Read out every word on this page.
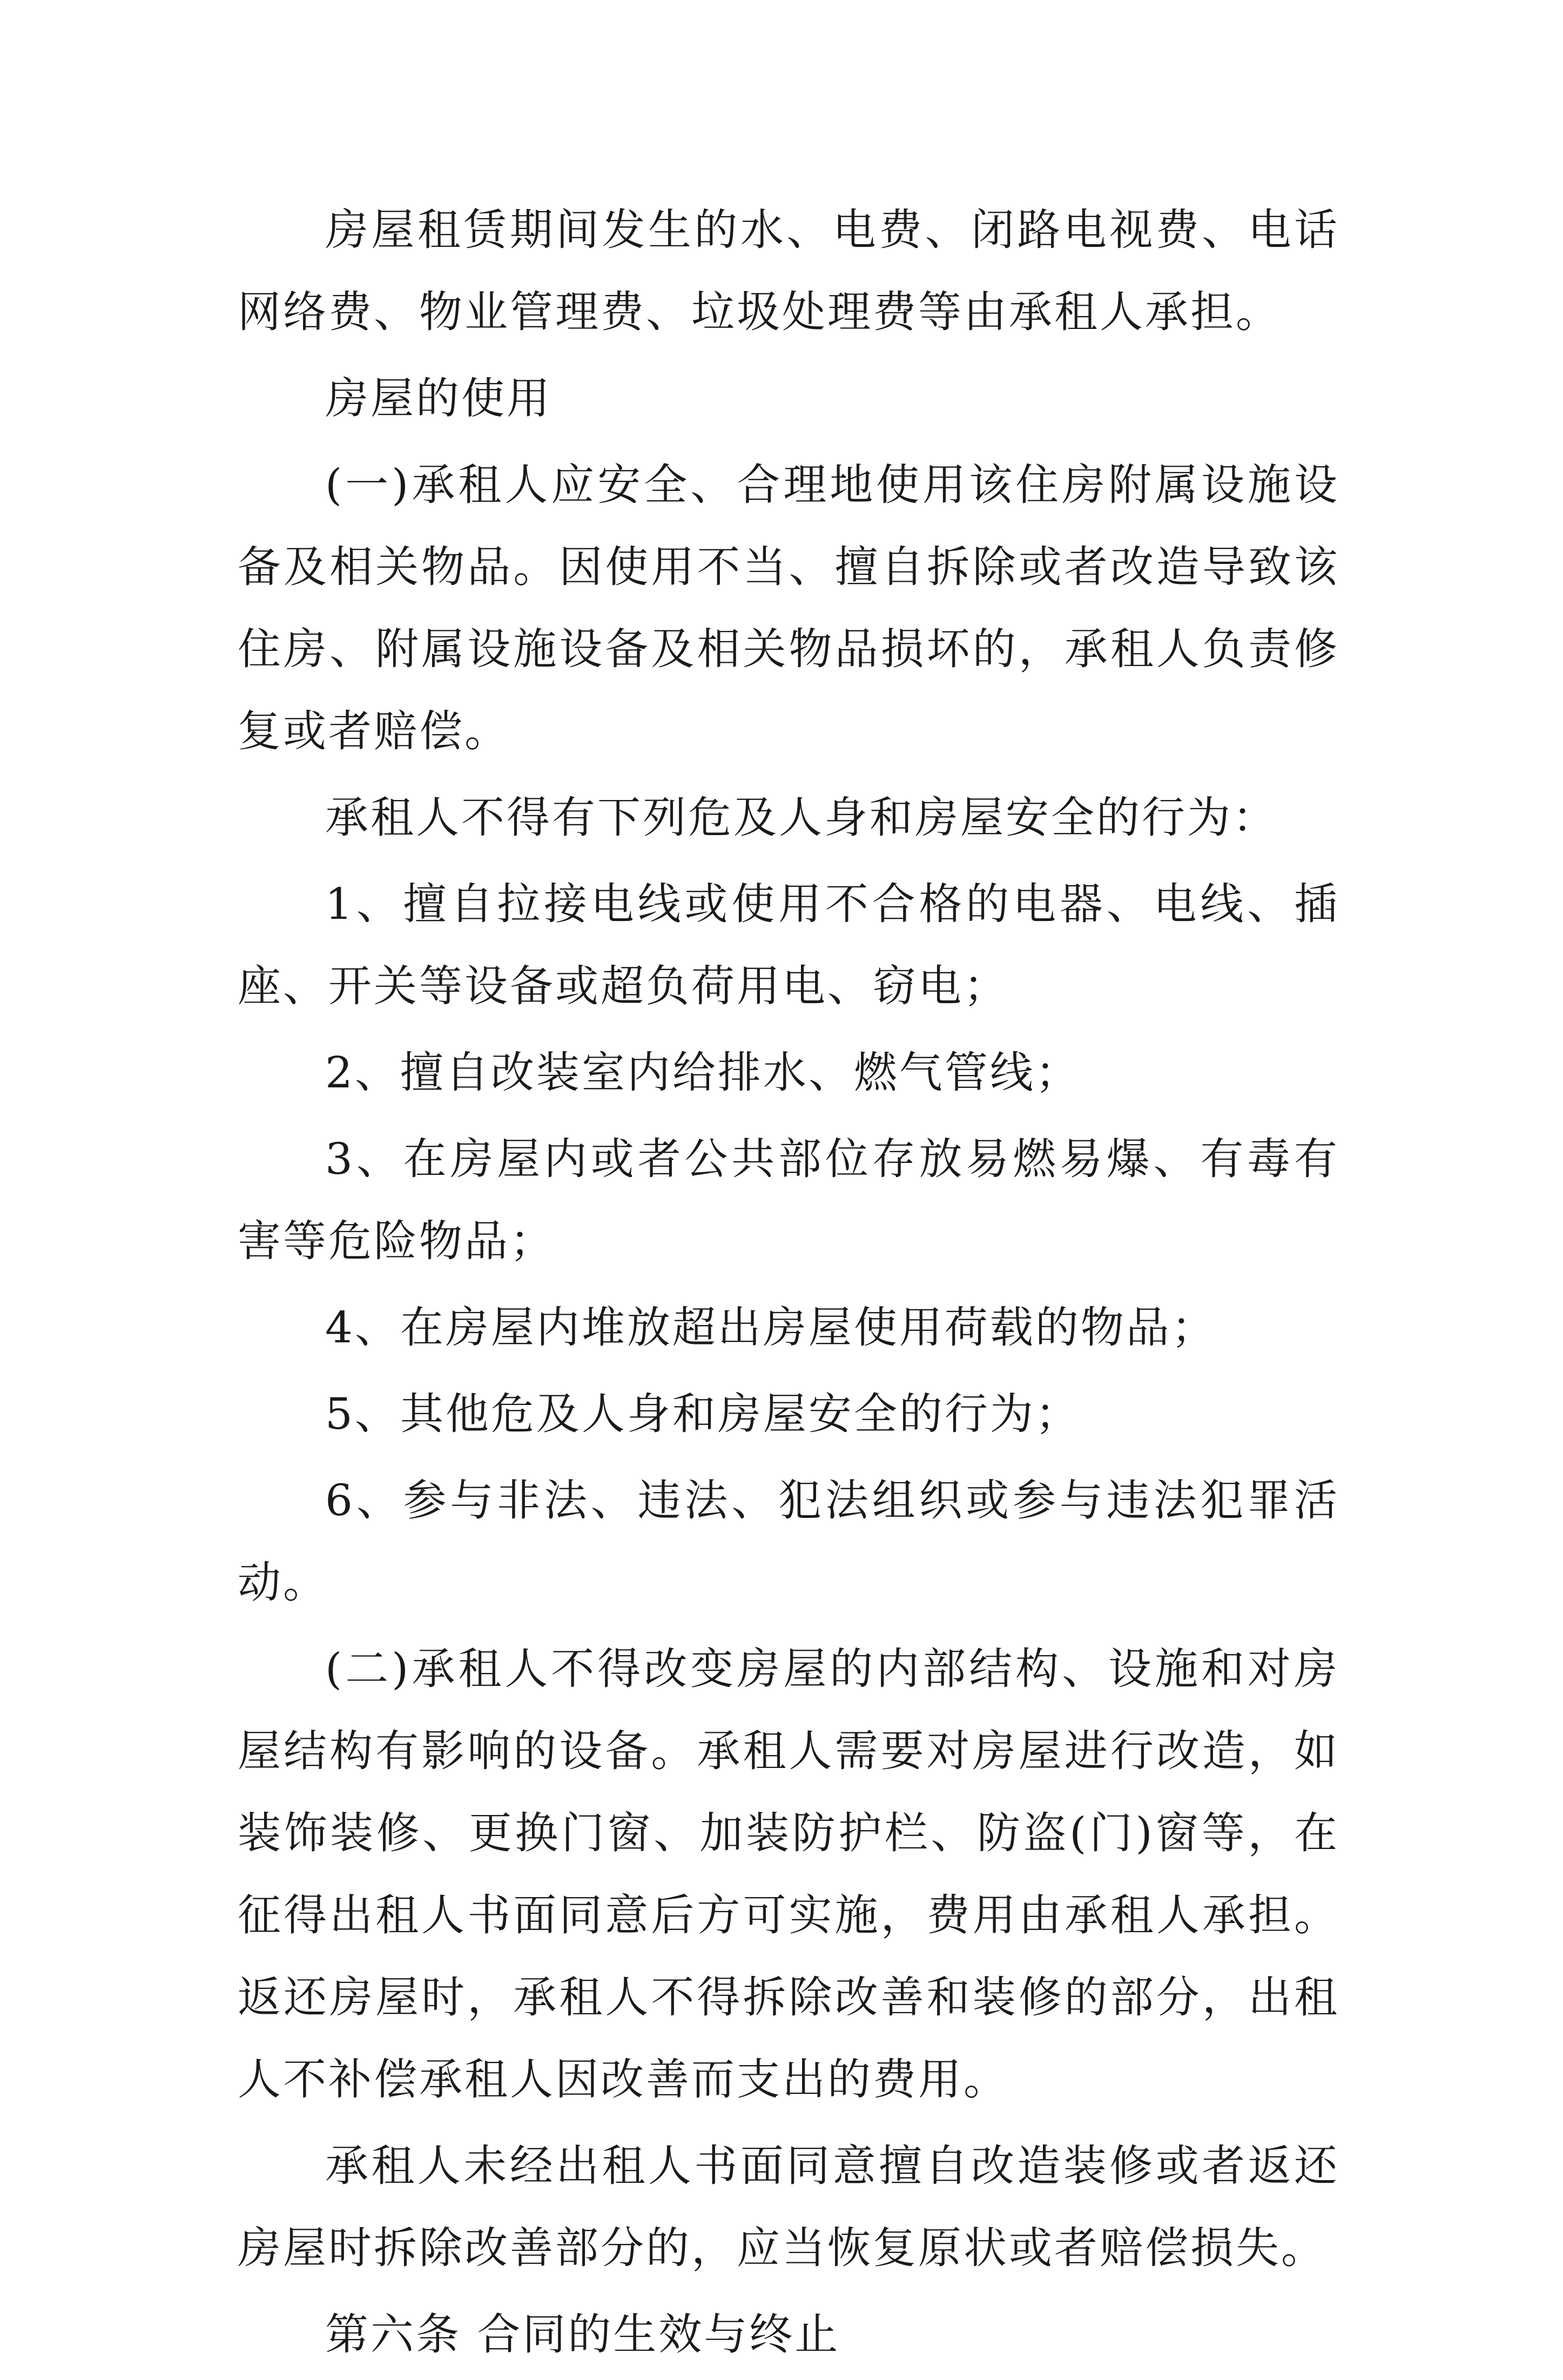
房屋租赁期间发生的水、电费、闭路电视费、电话网络费、物业管理费、垃圾处理费等由承租人承担。

房屋的使用

(一)承租人应安全、合理地使用该住房附属设施设备及相关物品。因使用不当、擅自拆除或者改造导致该住房、附属设施设备及相关物品损坏的，承租人负责修复或者赔偿。

承租人不得有下列危及人身和房屋安全的行为：

1、擅自拉接电线或使用不合格的电器、电线、插座、开关等设备或超负荷用电、窃电；

2、擅自改装室内给排水、燃气管线；

3、在房屋内或者公共部位存放易燃易爆、有毒有害等危险物品；

4、在房屋内堆放超出房屋使用荷载的物品；

5、其他危及人身和房屋安全的行为；

6、参与非法、违法、犯法组织或参与违法犯罪活动。

(二)承租人不得改变房屋的内部结构、设施和对房屋结构有影响的设备。承租人需要对房屋进行改造，如装饰装修、更换门窗、加装防护栏、防盗(门)窗等，在征得出租人书面同意后方可实施，费用由承租人承担。返还房屋时，承租人不得拆除改善和装修的部分，出租人不补偿承租人因改善而支出的费用。

承租人未经出租人书面同意擅自改造装修或者返还房屋时拆除改善部分的，应当恢复原状或者赔偿损失。

第六条 合同的生效与终止
